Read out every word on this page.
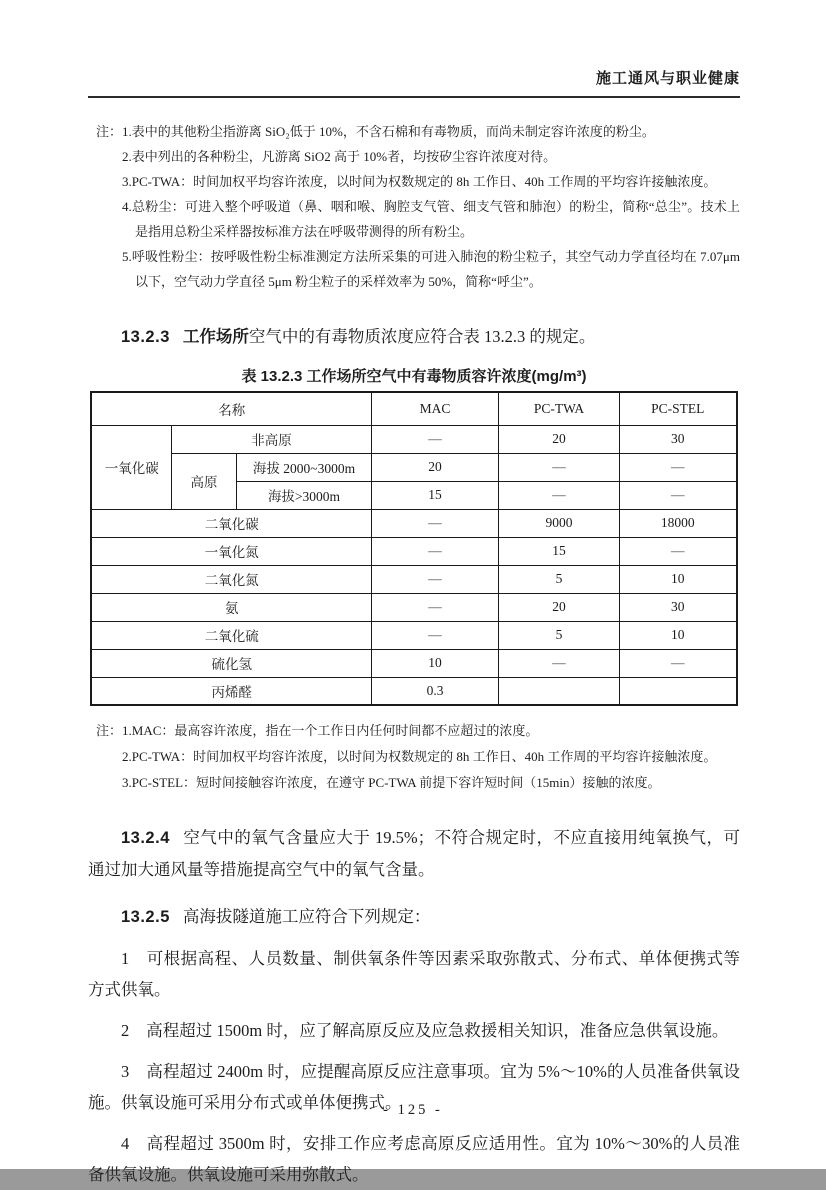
施工通风与职业健康
注： 1.表中的其他粉尘指游离 SiO₂低于 10%，不含石棉和有毒物质，而尚未制定容许浓度的粉尘。
2.表中列出的各种粉尘，凡游离 SiO2 高于 10%者，均按矽尘容许浓度对待。
3.PC-TWA：时间加权平均容许浓度，以时间为权数规定的 8h 工作日、40h 工作周的平均容许接触浓度。
4.总粉尘：可进入整个呼吸道（鼻、咽和喉、胸腔支气管、细支气管和肺泡）的粉尘，简称“总尘”。技术上是指用总粉尘采样器按标准方法在呼吸带测得的所有粉尘。
5.呼吸性粉尘：按呼吸性粉尘标准测定方法所采集的可进入肺泡的粉尘粒子，其空气动力学直径均在 7.07μm 以下，空气动力学直径 5μm 粉尘粒子的采样效率为 50%，简称“呼尘”。

13.2.3 工作场所空气中的有毒物质浓度应符合表 13.2.3 的规定。

表 13.2.3 工作场所空气中有毒物质容许浓度(mg/m³)
名称			MAC	PC-TWA	PC-STEL
一氧化碳	非高原		—	20	30
	高原	海拔 2000~3000m	20	—	—
		海拔>3000m	15	—	—
二氧化碳			—	9000	18000
一氧化氮			—	15	—
二氧化氮			—	5	10
氨			—	20	30
二氧化硫			—	5	10
硫化氢			10	—	—
丙烯醛			0.3		
注： 1.MAC：最高容许浓度，指在一个工作日内任何时间都不应超过的浓度。
2.PC-TWA：时间加权平均容许浓度，以时间为权数规定的 8h 工作日、40h 工作周的平均容许接触浓度。
3.PC-STEL：短时间接触容许浓度，在遵守 PC-TWA 前提下容许短时间（15min）接触的浓度。

13.2.4 空气中的氧气含量应大于 19.5%；不符合规定时，不应直接用纯氧换气，可通过加大通风量等措施提高空气中的氧气含量。

13.2.5 高海拔隧道施工应符合下列规定：

1 可根据高程、人员数量、制供氧条件等因素采取弥散式、分布式、单体便携式等方式供氧。

2 高程超过 1500m 时，应了解高原反应及应急救援相关知识，准备应急供氧设施。

3 高程超过 2400m 时，应提醒高原反应注意事项。宜为 5%～10%的人员准备供氧设施。供氧设施可采用分布式或单体便携式。

4 高程超过 3500m 时，安排工作应考虑高原反应适用性。宜为 10%～30%的人员准备供氧设施。供氧设施可采用弥散式。

- 125 -
